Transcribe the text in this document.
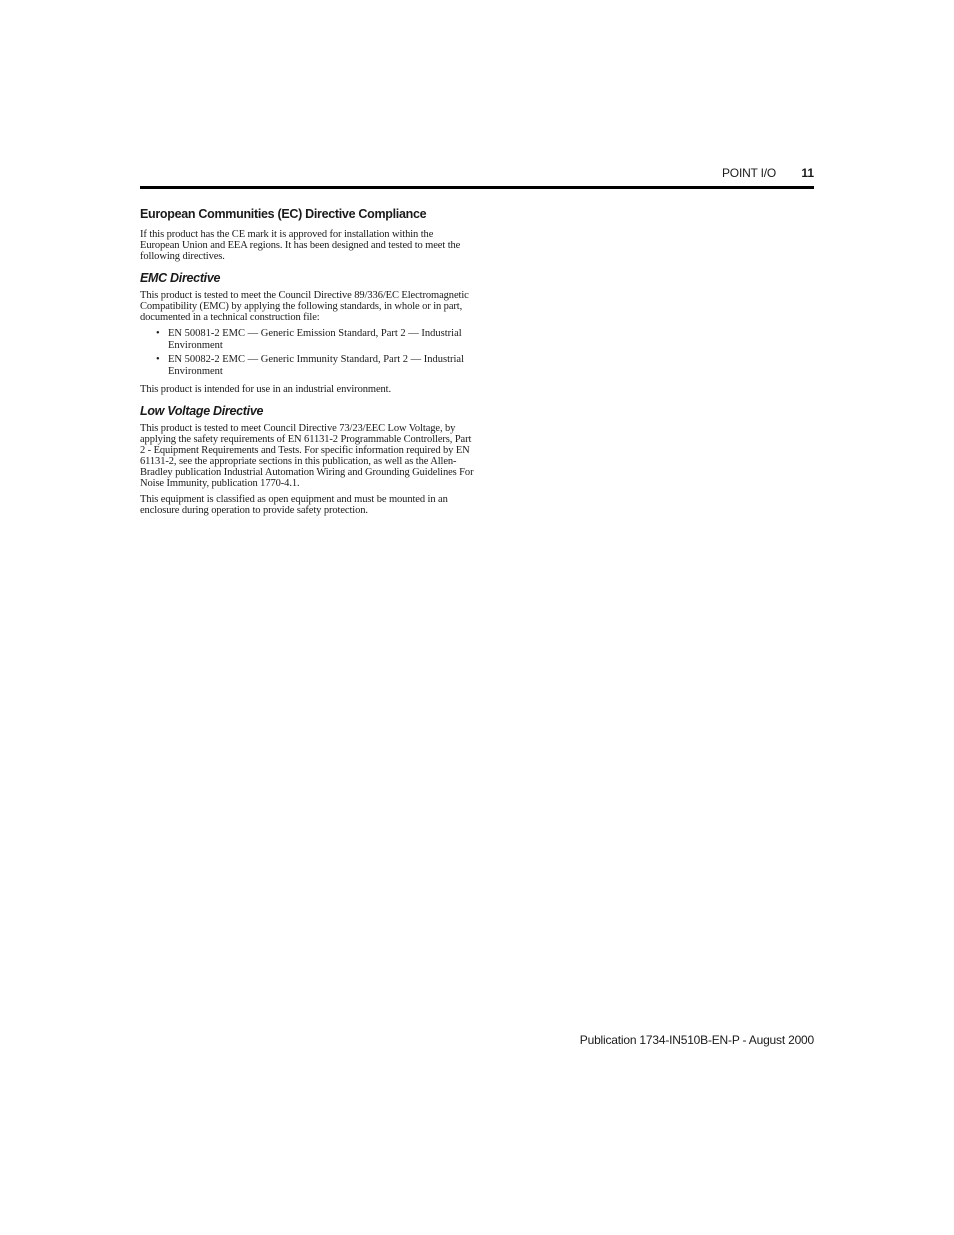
POINT I/O 11
European Communities (EC) Directive Compliance

If this product has the CE mark it is approved for installation within the European Union and EEA regions. It has been designed and tested to meet the following directives.

EMC Directive

This product is tested to meet the Council Directive 89/336/EC Electromagnetic Compatibility (EMC) by applying the following standards, in whole or in part, documented in a technical construction file:

• EN 50081-2 EMC — Generic Emission Standard, Part 2 — Industrial Environment
• EN 50082-2 EMC — Generic Immunity Standard, Part 2 — Industrial Environment

This product is intended for use in an industrial environment.

Low Voltage Directive

This product is tested to meet Council Directive 73/23/EEC Low Voltage, by applying the safety requirements of EN 61131-2 Programmable Controllers, Part 2 - Equipment Requirements and Tests. For specific information required by EN 61131-2, see the appropriate sections in this publication, as well as the Allen-Bradley publication Industrial Automation Wiring and Grounding Guidelines For Noise Immunity, publication 1770-4.1.

This equipment is classified as open equipment and must be mounted in an enclosure during operation to provide safety protection.

Publication 1734-IN510B-EN-P - August 2000
